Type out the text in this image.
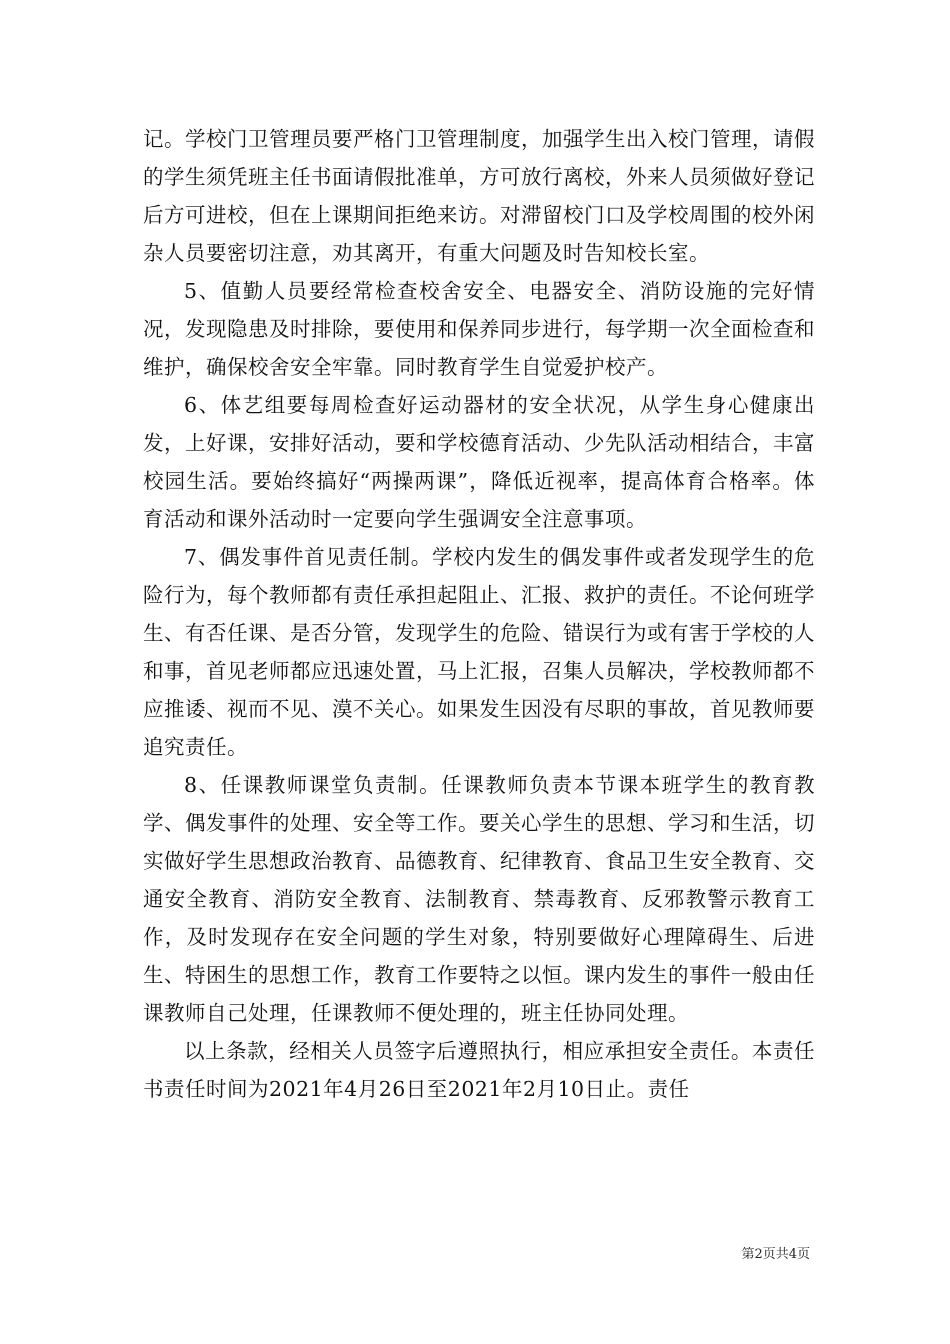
记。学校门卫管理员要严格门卫管理制度，加强学生出入校门管理，请假的学生须凭班主任书面请假批准单，方可放行离校，外来人员须做好登记后方可进校，但在上课期间拒绝来访。对滞留校门口及学校周围的校外闲杂人员要密切注意，劝其离开，有重大问题及时告知校长室。

5、值勤人员要经常检查校舍安全、电器安全、消防设施的完好情况，发现隐患及时排除，要使用和保养同步进行，每学期一次全面检查和维护，确保校舍安全牢靠。同时教育学生自觉爱护校产。

6、体艺组要每周检查好运动器材的安全状况，从学生身心健康出发，上好课，安排好活动，要和学校德育活动、少先队活动相结合，丰富校园生活。要始终搞好“两操两课”，降低近视率，提高体育合格率。体育活动和课外活动时一定要向学生强调安全注意事项。

7、偶发事件首见责任制。学校内发生的偶发事件或者发现学生的危险行为，每个教师都有责任承担起阻止、汇报、救护的责任。不论何班学生、有否任课、是否分管，发现学生的危险、错误行为或有害于学校的人和事，首见老师都应迅速处置，马上汇报，召集人员解决，学校教师都不应推诿、视而不见、漠不关心。如果发生因没有尽职的事故，首见教师要追究责任。

8、任课教师课堂负责制。任课教师负责本节课本班学生的教育教学、偶发事件的处理、安全等工作。要关心学生的思想、学习和生活，切实做好学生思想政治教育、品德教育、纪律教育、食品卫生安全教育、交通安全教育、消防安全教育、法制教育、禁毒教育、反邪教警示教育工作，及时发现存在安全问题的学生对象，特别要做好心理障碍生、后进生、特困生的思想工作，教育工作要特之以恒。课内发生的事件一般由任课教师自己处理，任课教师不便处理的，班主任协同处理。

以上条款，经相关人员签字后遵照执行，相应承担安全责任。本责任书责任时间为2021年4月26日至2021年2月10日止。责任

第2页共4页
